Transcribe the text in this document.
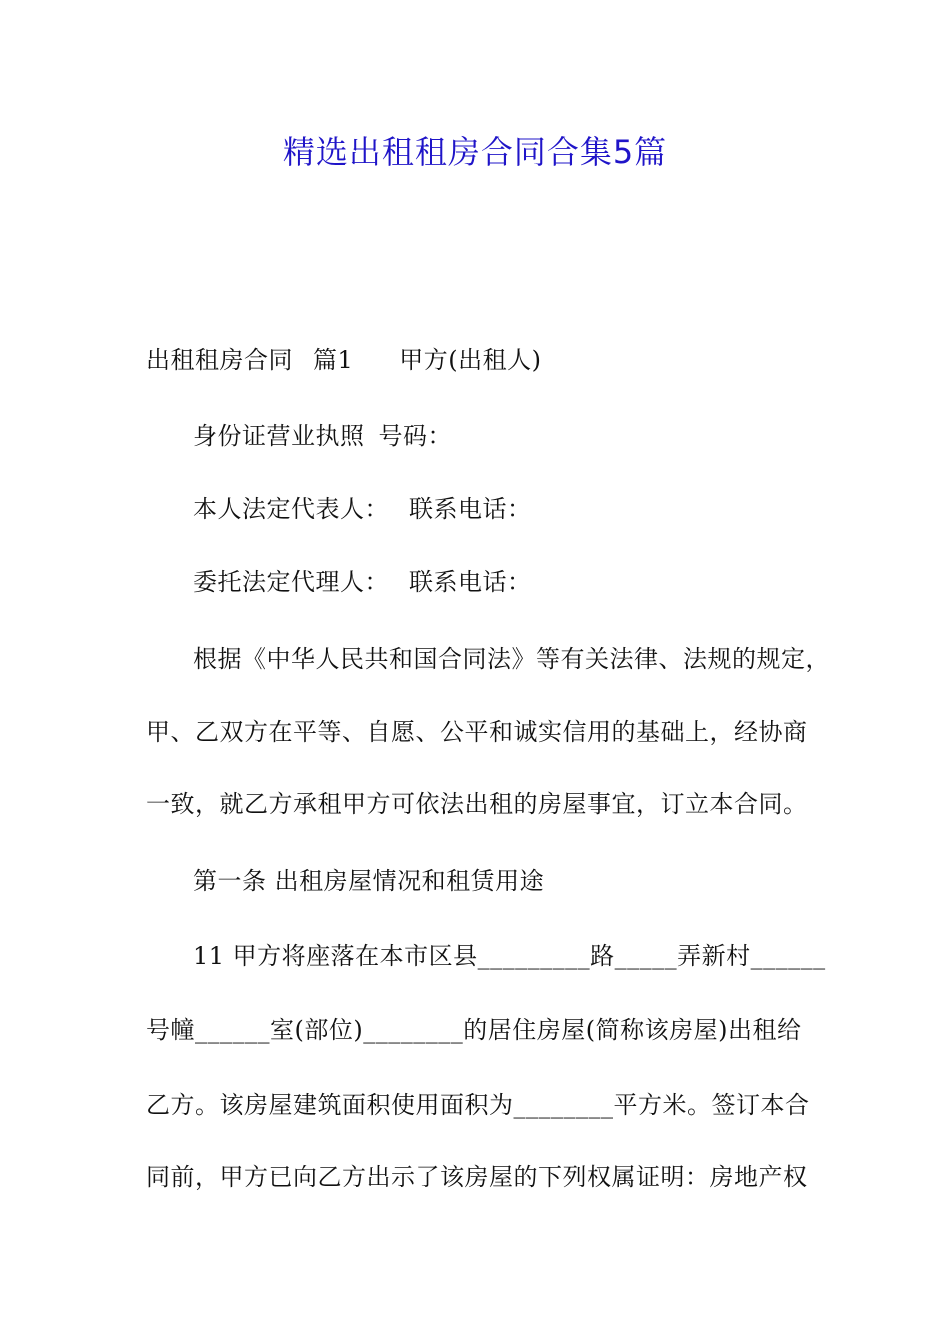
精选出租租房合同合集5篇
出租租房合同 篇1 甲方(出租人)
身份证营业执照 号码：
本人法定代表人： 联系电话：
委托法定代理人： 联系电话：
根据《中华人民共和国合同法》等有关法律、法规的规定，
甲、乙双方在平等、自愿、公平和诚实信用的基础上，经协商
一致，就乙方承租甲方可依法出租的房屋事宜，订立本合同。
第一条 出租房屋情况和租赁用途
11 甲方将座落在本市区县_________路_____弄新村______
号幢______室(部位)________的居住房屋(简称该房屋)出租给
乙方。该房屋建筑面积使用面积为________平方米。签订本合
同前，甲方已向乙方出示了该房屋的下列权属证明：房地产权
